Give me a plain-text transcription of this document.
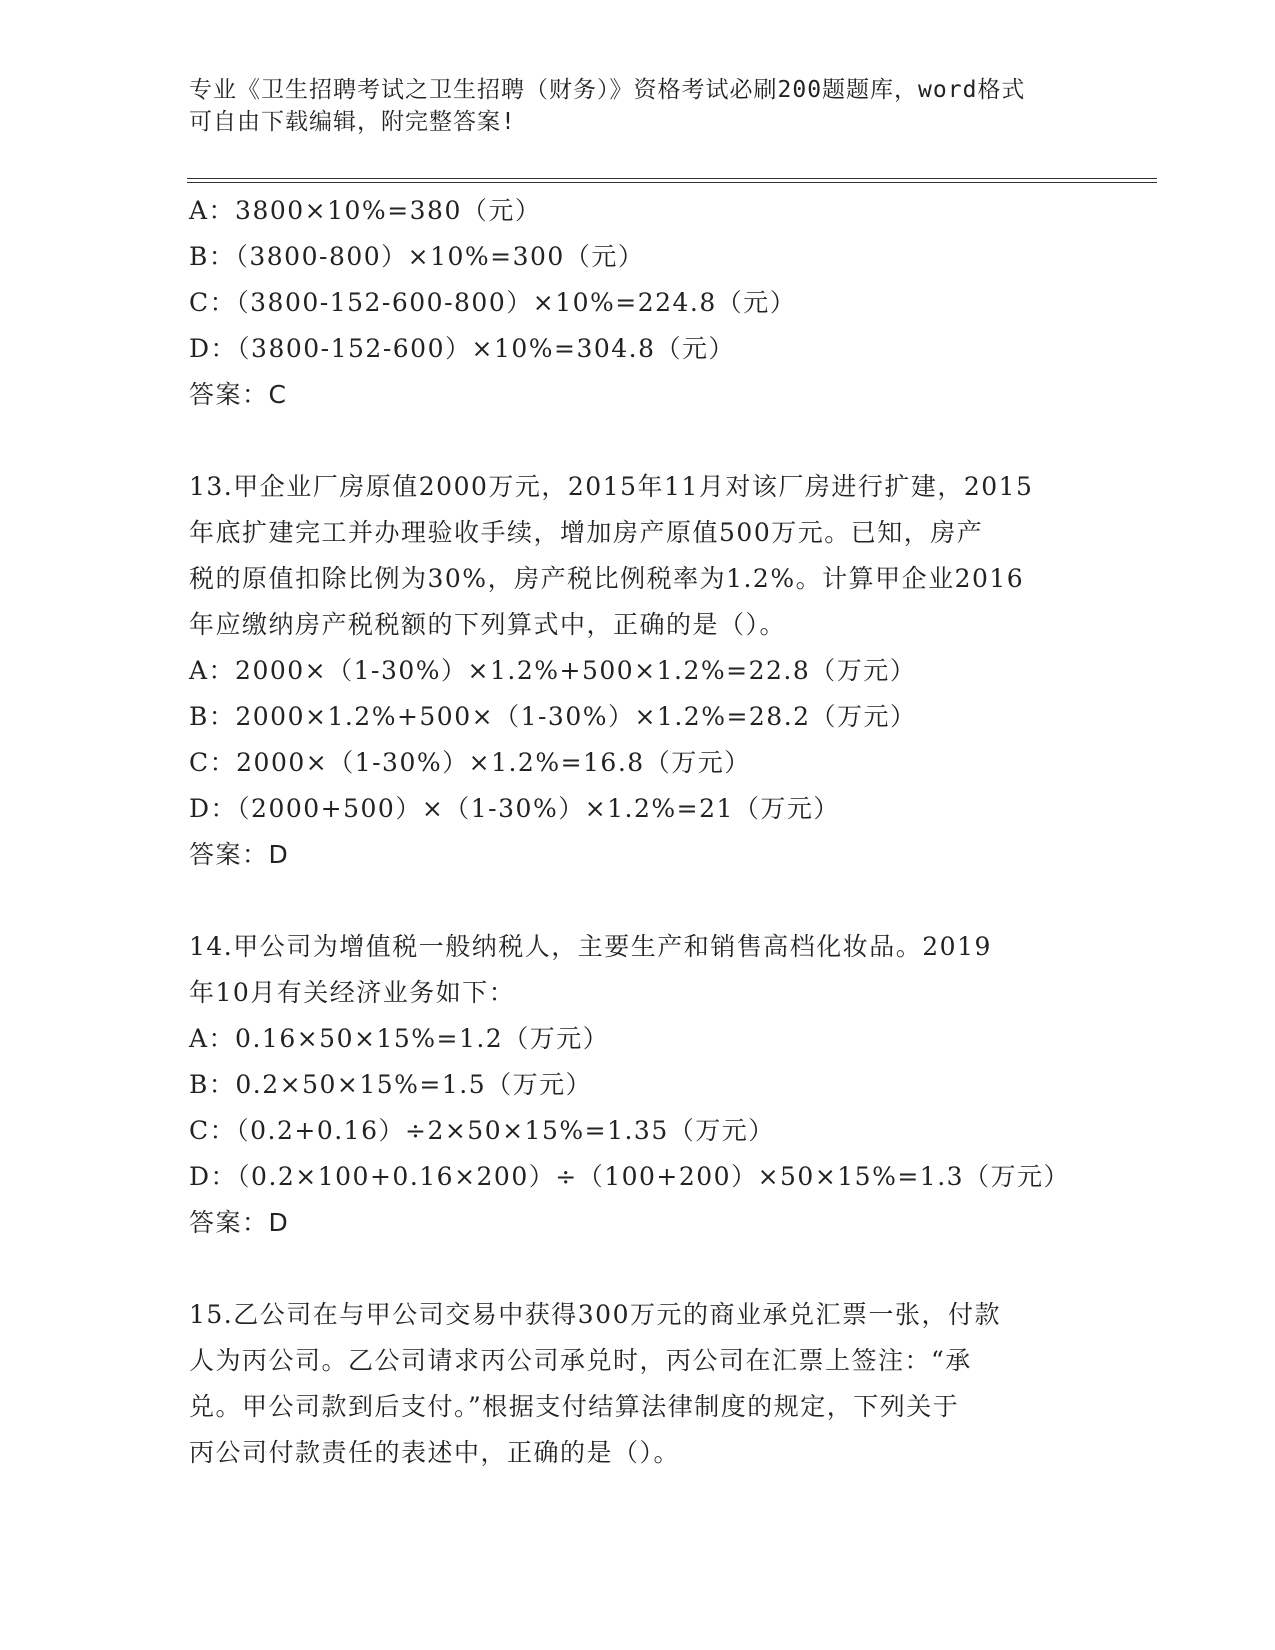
专业《卫生招聘考试之卫生招聘（财务）》资格考试必刷200题题库，word格式
可自由下载编辑，附完整答案!
A：3800×10%=380（元）
B：（3800-800）×10%=300（元）
C：（3800-152-600-800）×10%=224.8（元）
D：（3800-152-600）×10%=304.8（元）
答案：C
13.甲企业厂房原值2000万元，2015年11月对该厂房进行扩建，2015
年底扩建完工并办理验收手续，增加房产原值500万元。已知，房产
税的原值扣除比例为30%，房产税比例税率为1.2%。计算甲企业2016
年应缴纳房产税税额的下列算式中，正确的是（）。
A：2000×（1-30%）×1.2%+500×1.2%=22.8（万元）
B：2000×1.2%+500×（1-30%）×1.2%=28.2（万元）
C：2000×（1-30%）×1.2%=16.8（万元）
D：（2000+500）×（1-30%）×1.2%=21（万元）
答案：D
14.甲公司为增值税一般纳税人，主要生产和销售高档化妆品。2019
年10月有关经济业务如下：
A：0.16×50×15%=1.2（万元）
B：0.2×50×15%=1.5（万元）
C：（0.2+0.16）÷2×50×15%=1.35（万元）
D：（0.2×100+0.16×200）÷（100+200）×50×15%=1.3（万元）
答案：D
15.乙公司在与甲公司交易中获得300万元的商业承兑汇票一张，付款
人为丙公司。乙公司请求丙公司承兑时，丙公司在汇票上签注：“承
兑。甲公司款到后支付。”根据支付结算法律制度的规定，下列关于
丙公司付款责任的表述中，正确的是（）。
